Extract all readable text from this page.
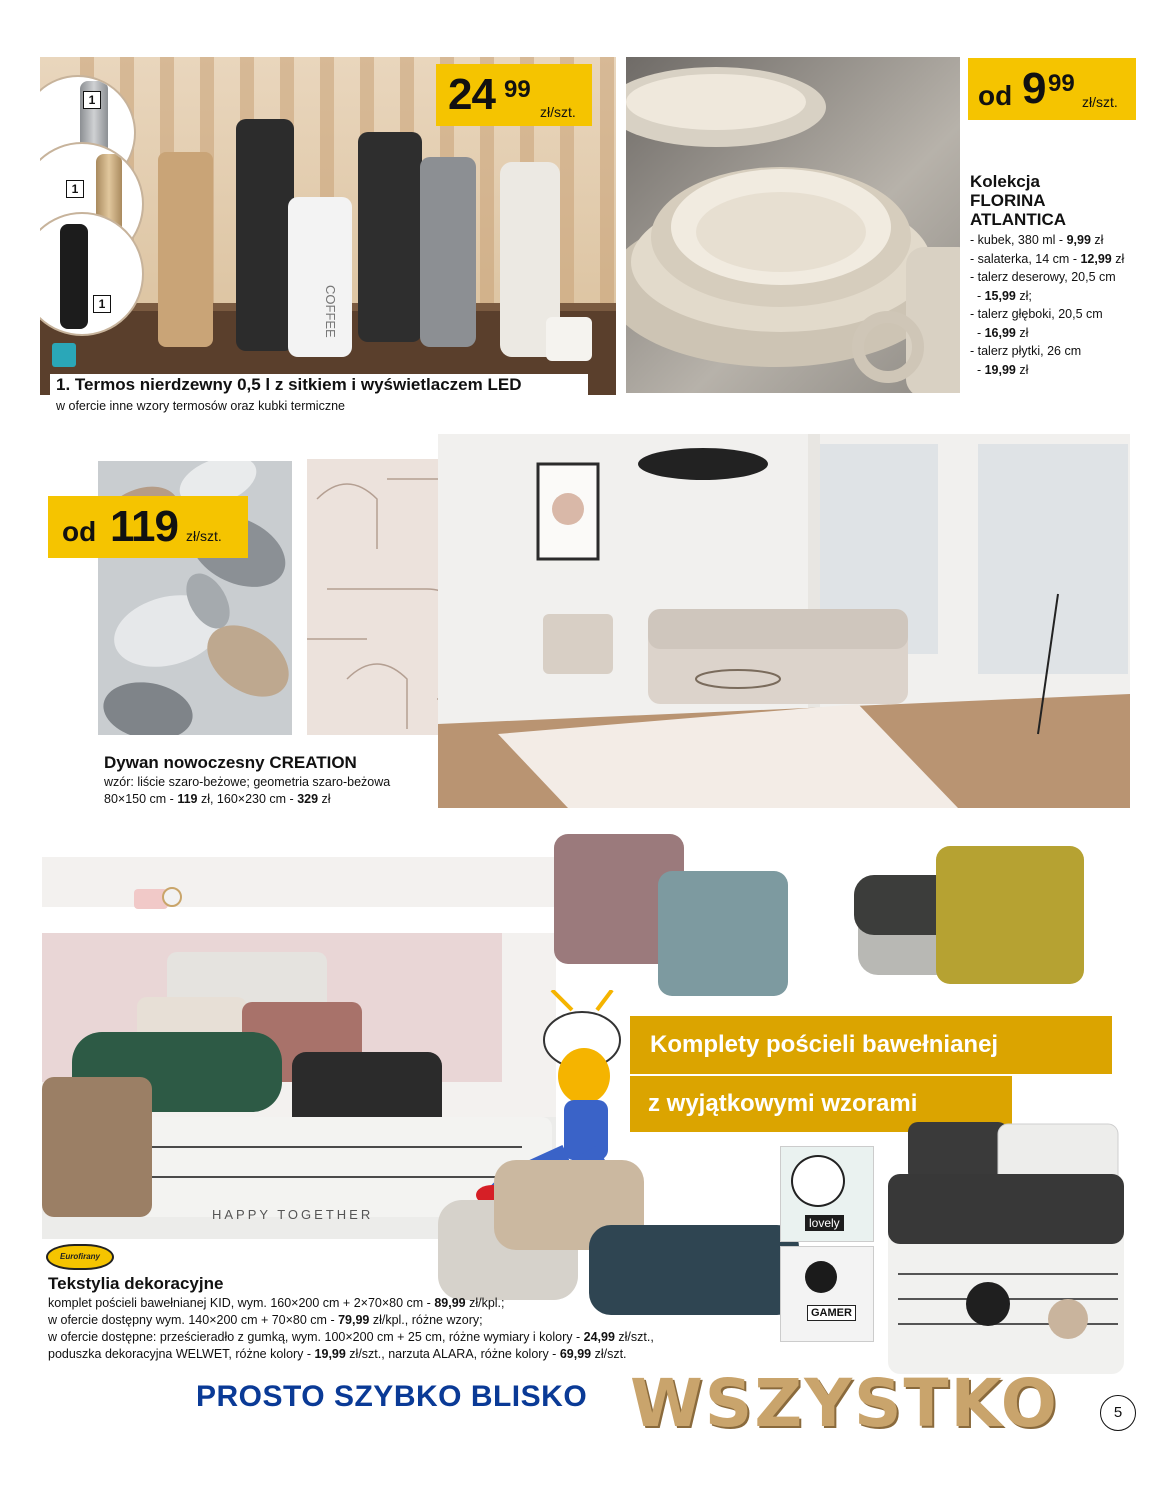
COFFEE
1
1
1
24 99
zł/szt.
1. Termos nierdzewny 0,5 l z sitkiem i wyświetlaczem LED
w ofercie inne wzory termosów oraz kubki termiczne
od 9 99
zł/szt.
Kolekcja
FLORINA
ATLANTICA
- kubek, 380 ml - 9,99 zł
- salaterka, 14 cm - 12,99 zł
- talerz deserowy, 20,5 cm
- 15,99 zł;
- talerz głęboki, 20,5 cm
- 16,99 zł
- talerz płytki, 26 cm
- 19,99 zł
od 119 zł/szt.
Dywan nowoczesny CREATION
wzór: liście szaro-beżowe; geometria szaro-beżowa
80×150 cm - 119 zł, 160×230 cm - 329 zł
HAPPY TOGETHER
Komplety pościeli bawełnianej
z wyjątkowymi wzorami
lovely
GAMER
Eurofirany
Tekstylia dekoracyjne
komplet pościeli bawełnianej KID, wym. 160×200 cm + 2×70×80 cm - 89,99 zł/kpl.;
w ofercie dostępny wym. 140×200 cm + 70×80 cm - 79,99 zł/kpl., różne wzory;
w ofercie dostępne: prześcieradło z gumką, wym. 100×200 cm + 25 cm, różne wymiary i kolory - 24,99 zł/szt.,
poduszka dekoracyjna WELWET, różne kolory - 19,99 zł/szt., narzuta ALARA, różne kolory - 69,99 zł/szt.
PROSTO SZYBKO BLISKO WSZYSTKO	5
